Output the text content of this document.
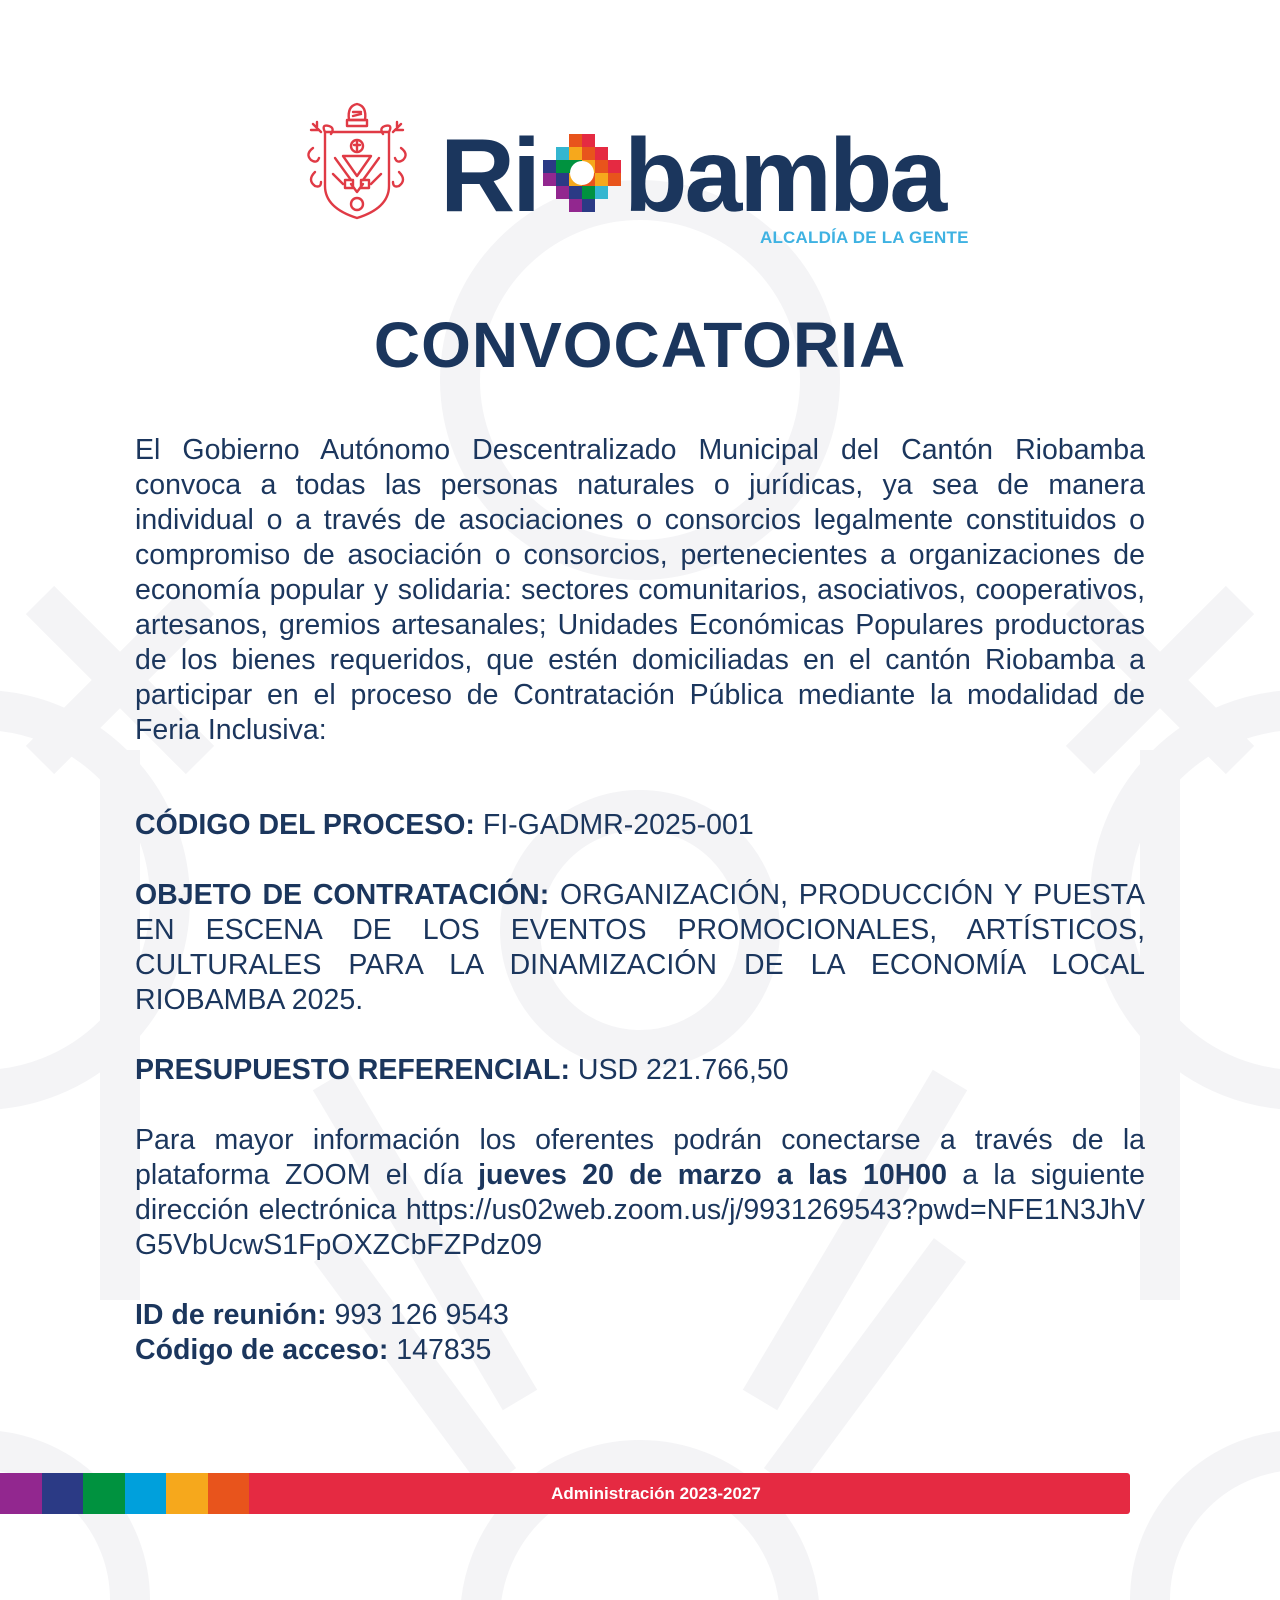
Ri bamba
ALCALDÍA DE LA GENTE
CONVOCATORIA
El Gobierno Autónomo Descentralizado Municipal del Cantón Riobamba convoca a todas las personas naturales o jurídicas, ya sea de manera individual o a través de asociaciones o consorcios legalmente constituidos o compromiso de asociación o consorcios, pertenecientes a organizaciones de economía popular y solidaria: sectores comunitarios, asociativos, cooperativos, artesanos, gremios artesanales; Unidades Económicas Populares productoras de los bienes requeridos, que estén domiciliadas en el cantón Riobamba a participar en el proceso de Contratación Pública mediante la modalidad de Feria Inclusiva:
CÓDIGO DEL PROCESO: FI-GADMR-2025-001
OBJETO DE CONTRATACIÓN: ORGANIZACIÓN, PRODUCCIÓN Y PUESTA EN ESCENA DE LOS EVENTOS PROMOCIONALES, ARTÍSTICOS, CULTURALES PARA LA DINAMIZACIÓN DE LA ECONOMÍA LOCAL RIOBAMBA 2025.
PRESUPUESTO REFERENCIAL: USD 221.766,50
Para mayor información los oferentes podrán conectarse a través de la plataforma ZOOM el día jueves 20 de marzo a las 10H00 a la siguiente dirección electrónica https://us02web.zoom.us/j/9931269543?pwd=NFE1N3JhVG5VbUcwS1FpOXZCbFZPdz09
ID de reunión: 993 126 9543
Código de acceso: 147835
Administración 2023-2027
